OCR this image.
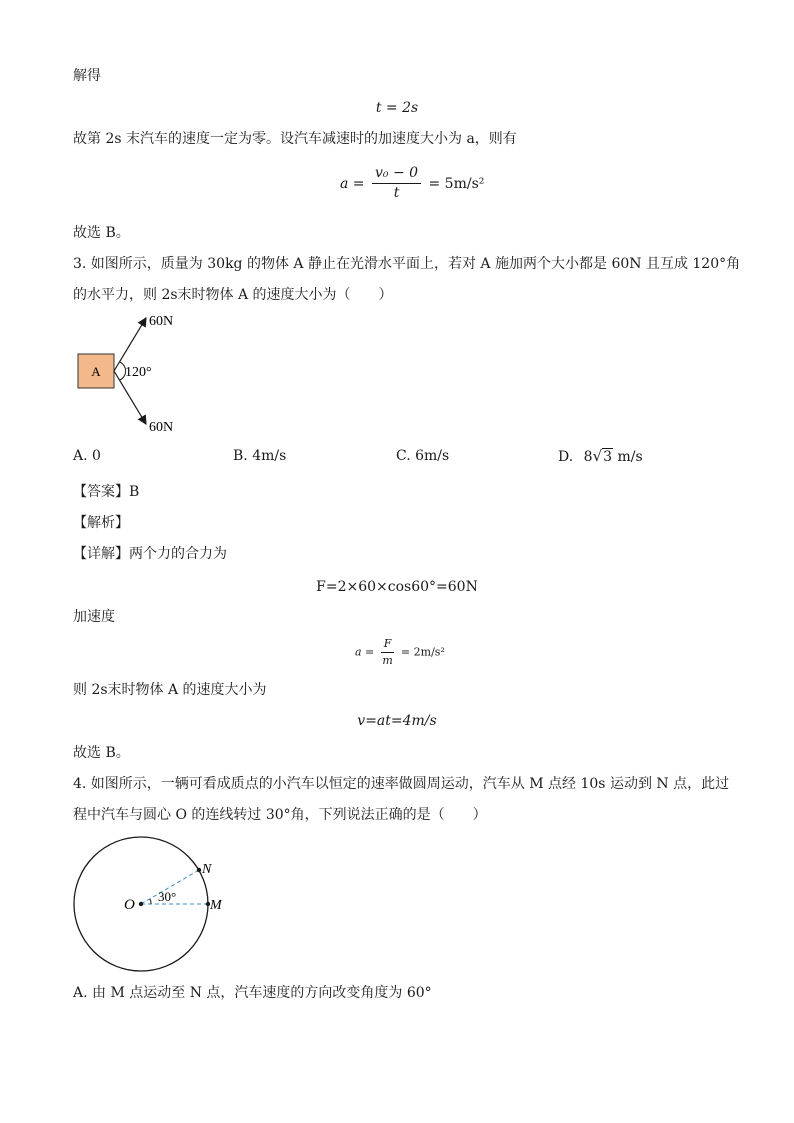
解得
t = 2s
故第 2s 末汽车的速度一定为零。设汽车减速时的加速度大小为 a，则有
$a = \frac{\text{v₀ − 0}}{t} = 5m/s^2$
故选 B。
3. 如图所示，质量为 30kg 的物体 A 静止在光滑水平面上，若对 A 施加两个大小都是 60N 且互成 120°角
的水平力，则 2s末时物体 A 的速度大小为（　　）
A
60N
60N
120°
A. 0	B. 4m/s	C. 6m/s	D. 8√3 m/s
【答案】B
【解析】
【详解】两个力的合力为
F=2×60×cos60°=60N
加速度
$a = \frac{F}{m} = 2m/s^2$
则 2s末时物体 A 的速度大小为
v=at=4m/s
故选 B。
4. 如图所示，一辆可看成质点的小汽车以恒定的速率做圆周运动，汽车从 M 点经 10s 运动到 N 点，此过
程中汽车与圆心 O 的连线转过 30°角，下列说法正确的是（　　）
O
N
M
30°
A. 由 M 点运动至 N 点，汽车速度的方向改变角度为 60°
